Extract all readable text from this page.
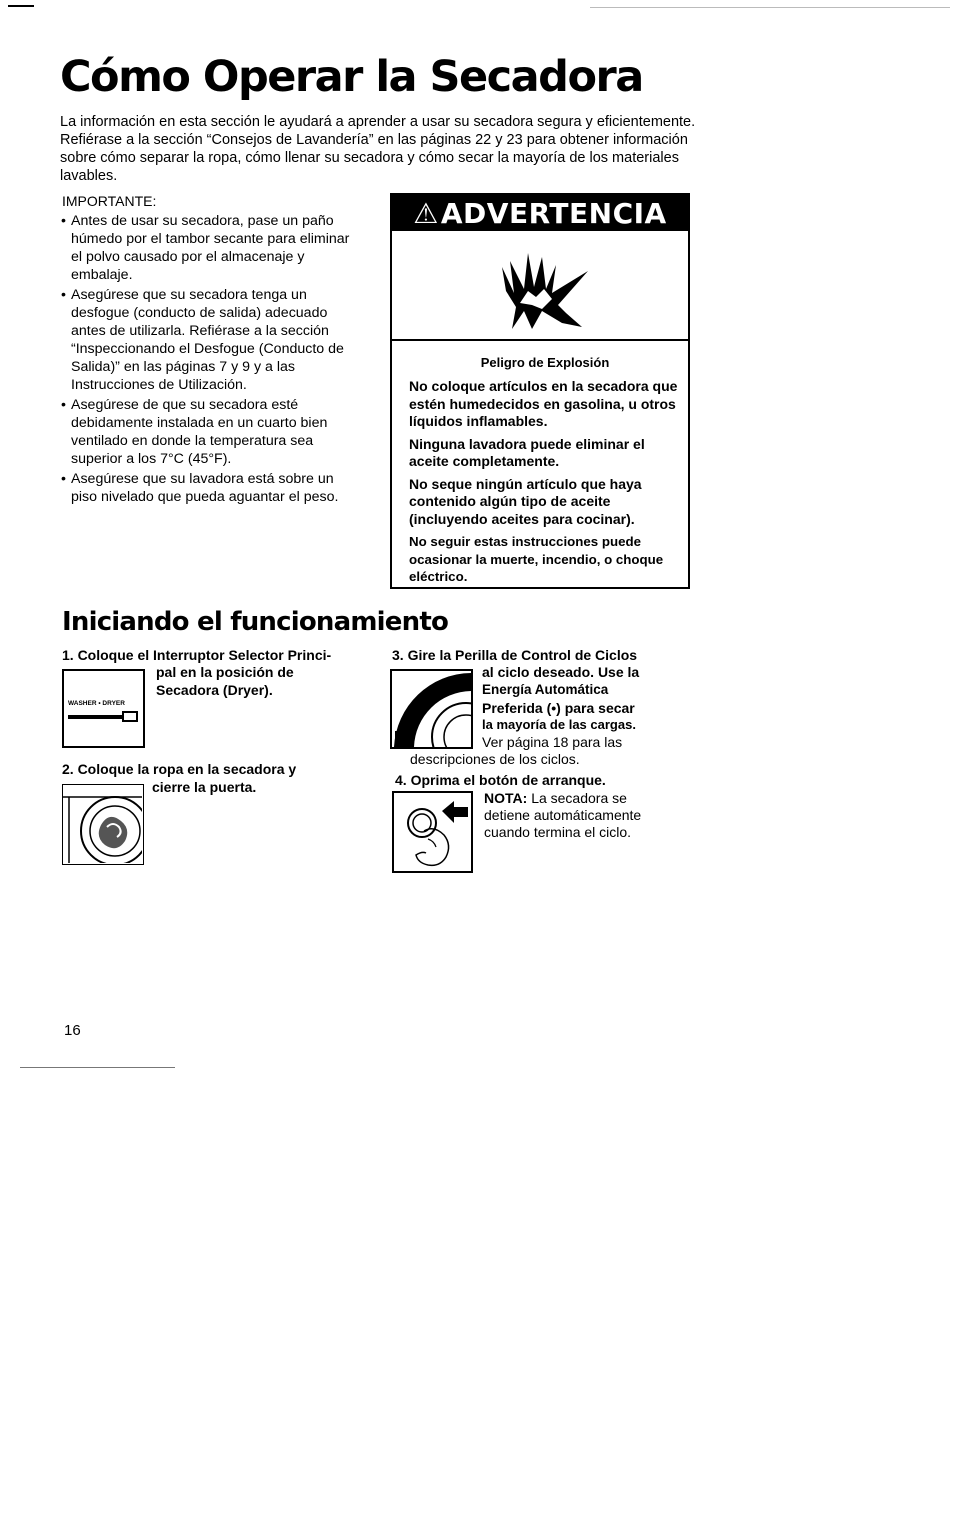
Cómo Operar la Secadora

La información en esta sección le ayudará a aprender a usar su secadora segura y eficientemente. Refiérase a la sección “Consejos de Lavandería” en las páginas 22 y 23 para obtener información sobre cómo separar la ropa, cómo llenar su secadora y cómo secar la mayoría de los materiales lavables.

IMPORTANTE:

• Antes de usar su secadora, pase un paño húmedo por el tambor secante para eliminar el polvo causado por el almacenaje y embalaje.
• Asegúrese que su secadora tenga un desfogue (conducto de salida) adecuado antes de utilizarla. Refiérase a la sección “Inspeccionando el Desfogue (Conducto de Salida)” en las páginas 7 y 9 y a las Instrucciones de Utilización.
• Asegúrese de que su secadora esté debidamente instalada en un cuarto bien ventilado en donde la temperatura sea superior a los 7°C (45°F).
• Asegúrese que su lavadora está sobre un piso nivelado que pueda aguantar el peso.
⚠ ADVERTENCIA

Peligro de Explosión

No coloque artículos en la secadora que estén humedecidos en gasolina, u otros líquidos inflamables.

Ninguna lavadora puede eliminar el aceite completamente.

No seque ningún artículo que haya contenido algún tipo de aceite (incluyendo aceites para cocinar).

No seguir estas instrucciones puede ocasionar la muerte, incendio, o choque eléctrico.

Iniciando el funcionamiento

1. Coloque el Interruptor Selector Princi-

pal en la posición de

Secadora (Dryer).

WASHER • DRYER

2. Coloque la ropa en la secadora y

cierre la puerta.

3. Gire la Perilla de Control de Ciclos

al ciclo deseado. Use la

Energía Automática

Preferida (•) para secar

la mayoría de las cargas.

Ver página 18 para las

descripciones de los ciclos.

4. Oprima el botón de arranque.

NOTA: La secadora se

detiene automáticamente

cuando termina el ciclo.

16
